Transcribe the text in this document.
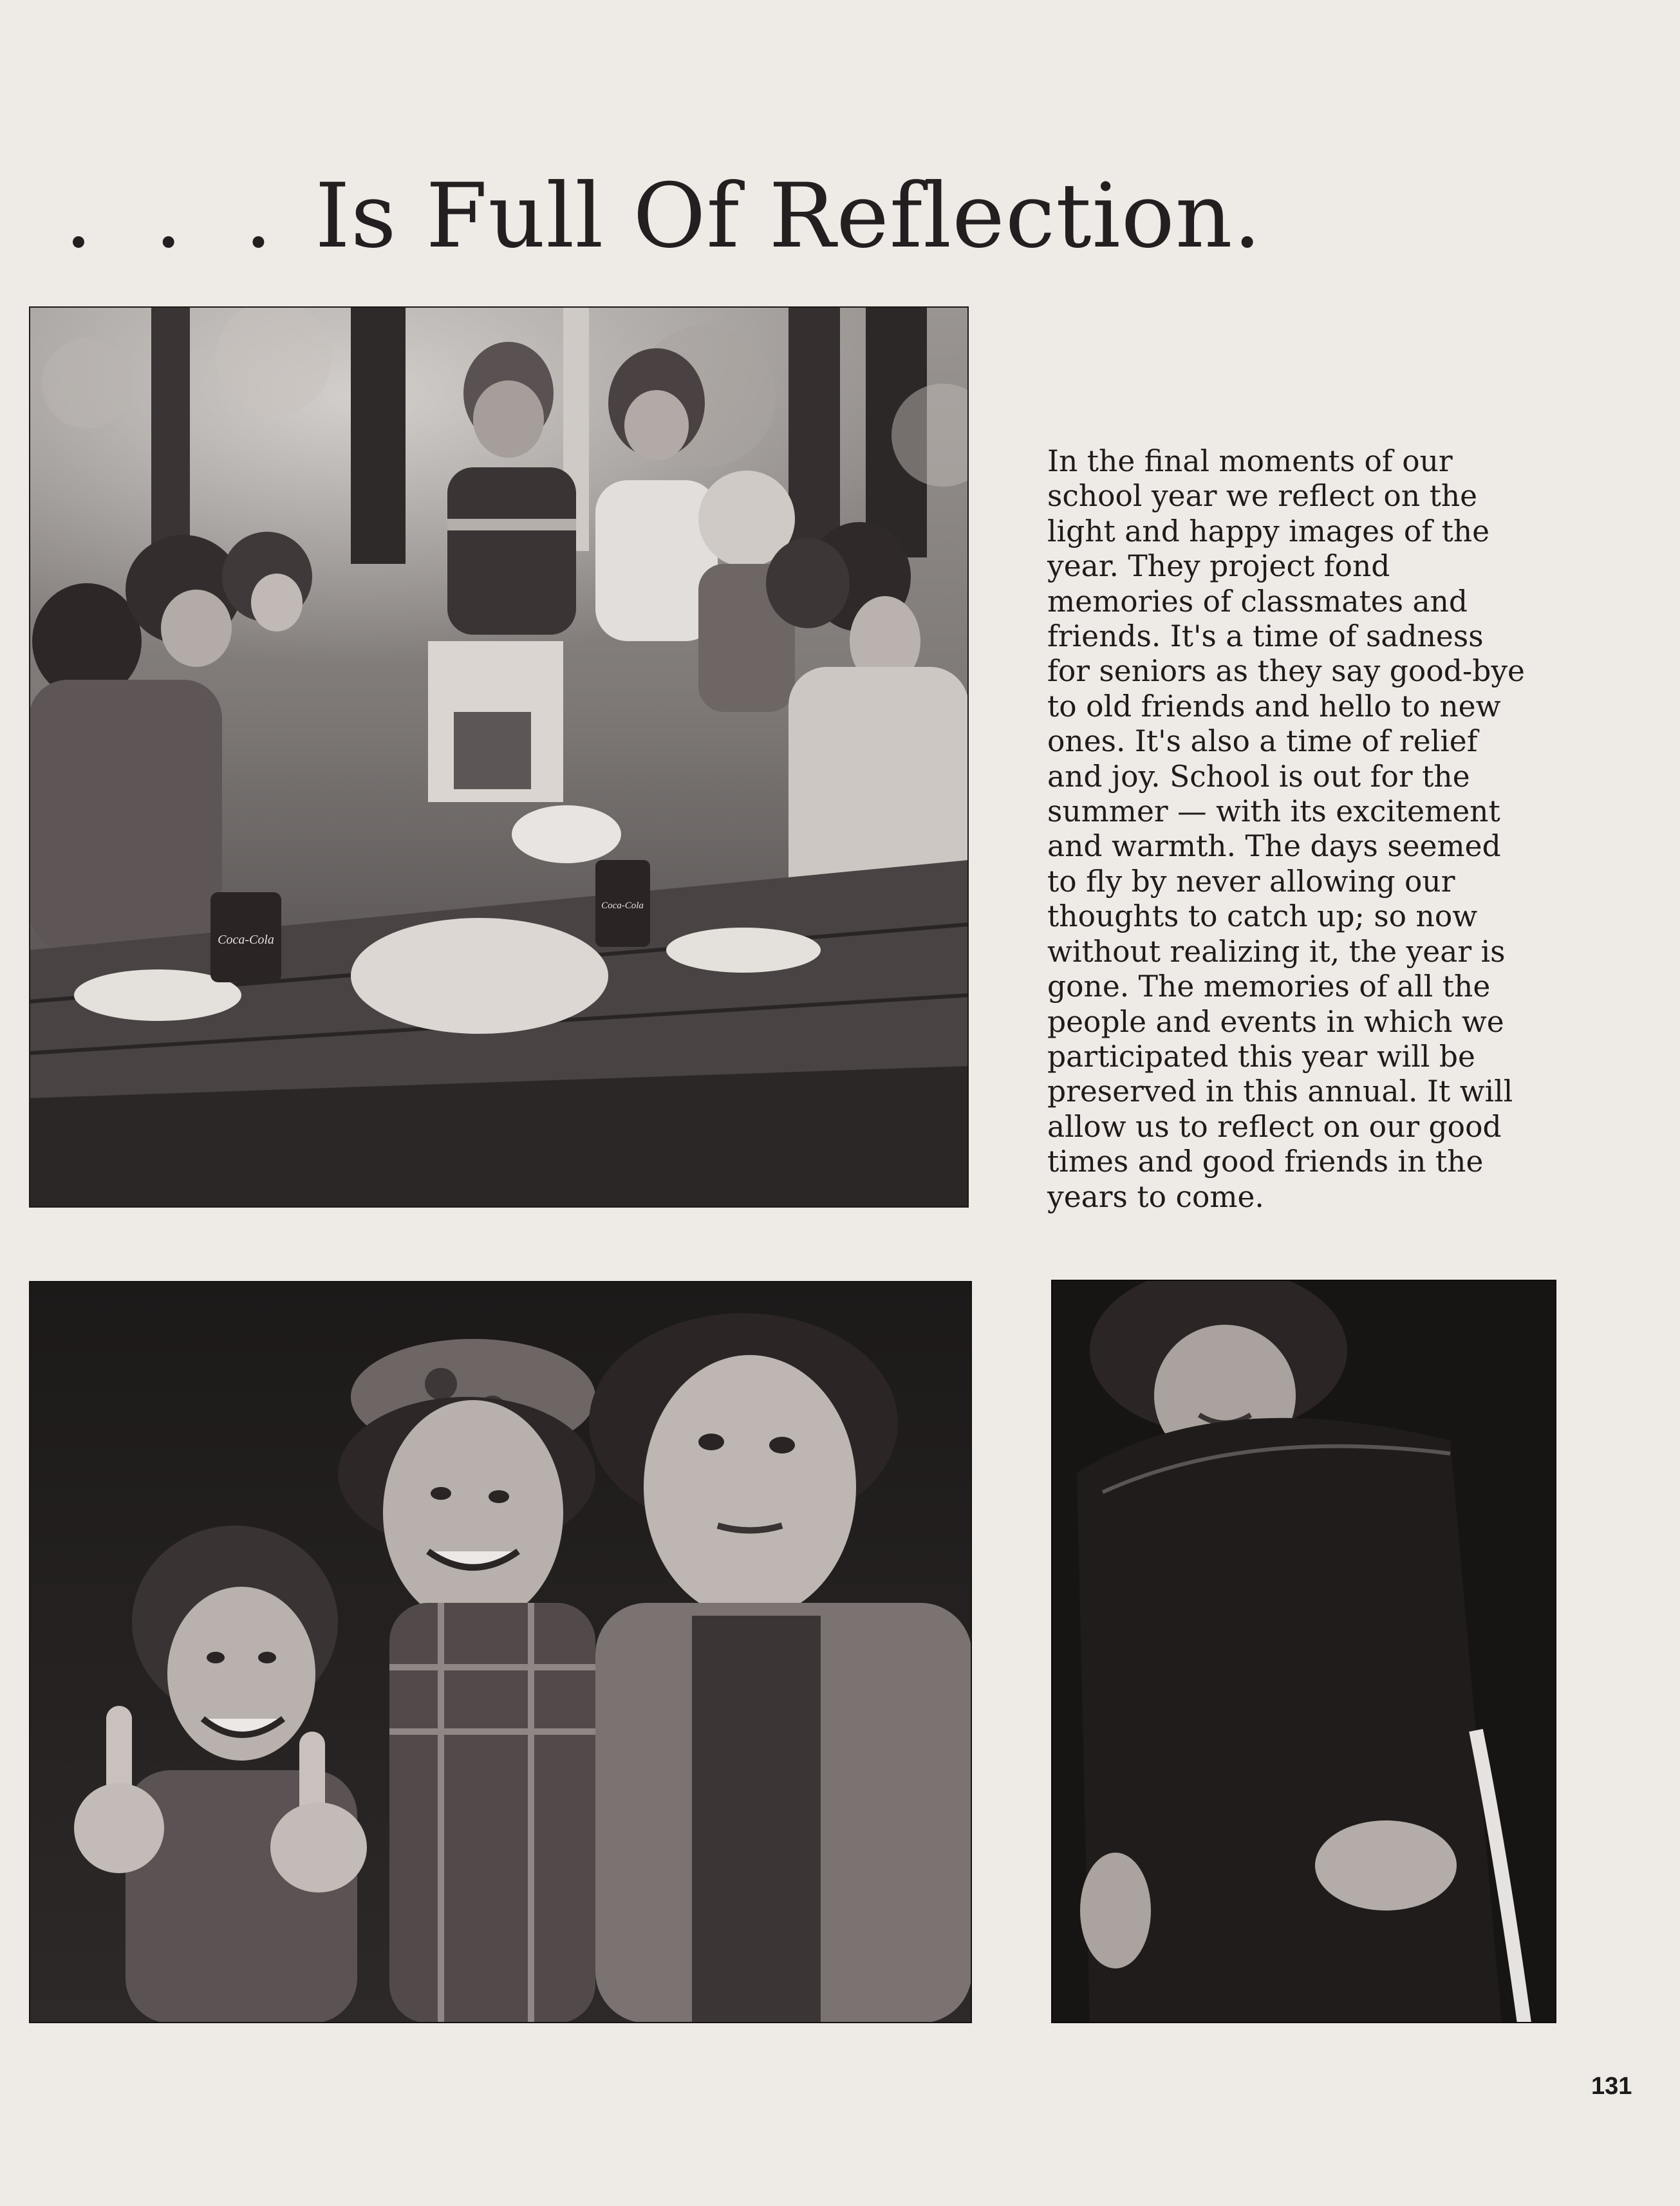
. . . Is Full Of Reflection.
Coca-Cola
Coca-Cola

In the final moments of our
school year we reflect on the
light and happy images of the
year. They project fond
memories of classmates and
friends. It's a time of sadness
for seniors as they say good-bye
to old friends and hello to new
ones. It's also a time of relief
and joy. School is out for the
summer — with its excitement
and warmth. The days seemed
to fly by never allowing our
thoughts to catch up; so now
without realizing it, the year is
gone. The memories of all the
people and events in which we
participated this year will be
preserved in this annual. It will
allow us to reflect on our good
times and good friends in the
years to come.

131
